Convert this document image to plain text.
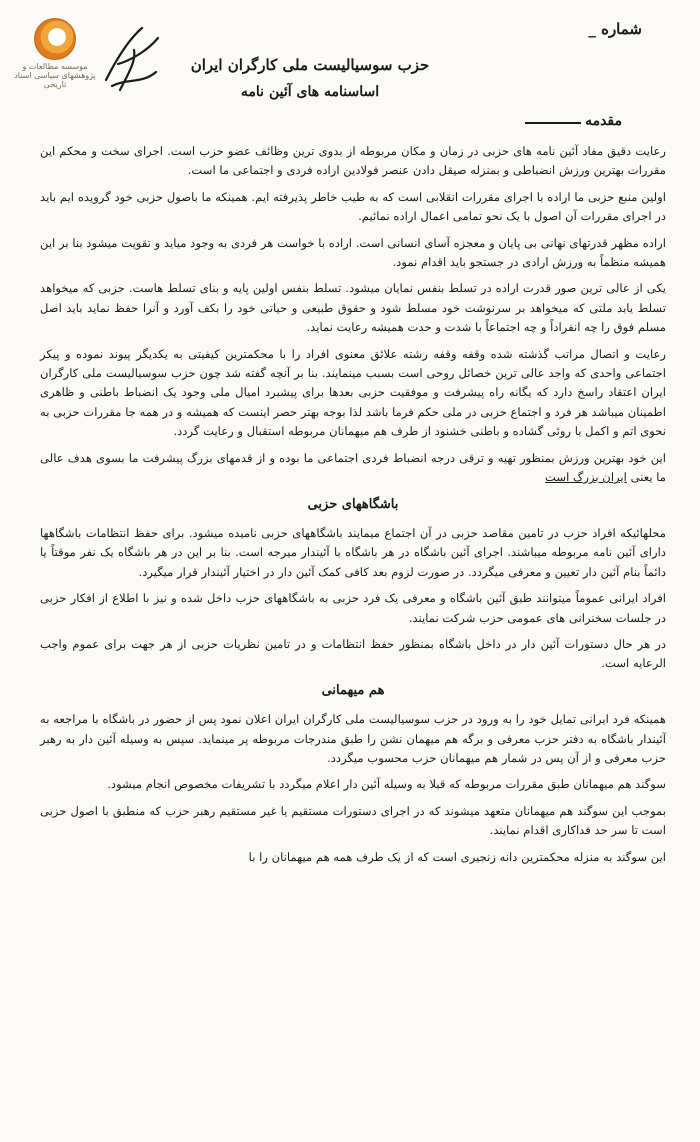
موسسه مطالعات و پژوهشهای سیاسی اسناد تاریخی
شماره _
حزب سوسیالیست ملی کارگران ایران
اساسنامه های آئین نامه
مقدمه

رعایت دقیق مفاد آئین نامه های حزبی در زمان و مکان مربوطه از بدوی ترین وظائف عضو حزب است. اجرای سخت و محکم این مقررات بهترین ورزش انضباطی و بمنزله صیقل دادن عنصر فولادین اراده فردی و اجتماعی ما است.

اولین منبع حزبی ما اراده با اجرای مقررات انقلابی است که به طیب خاطر پذیرفته ایم. همینکه ما باصول حزبی خود گرویده ایم باید در اجرای مقررات آن اصول با یک نحو تمامی اعمال اراده نمائیم.

اراده مظهر قدرتهای نهانی بی پایان و معجزه آسای انسانی است. اراده با خواست هر فردی به وجود میاید و تقویت میشود بنا بر این همیشه منظماً به ورزش ارادی در جستجو باید اقدام نمود.

یکی از عالی ترین صور قدرت اراده در تسلط بنفس نمایان میشود. تسلط بنفس اولین پایه و بنای تسلط هاست. حزبی که میخواهد تسلط یابد ملتی که میخواهد بر سرنوشت خود مسلط شود و حقوق طبیعی و حیاتی خود را بکف آورد و آنرا حفظ نماید باید اصل مسلم فوق را چه انفراداً و چه اجتماعاً با شدت و حدت همیشه رعایت نماید.

رعایت و اتصال مراتب گذشته شده وقفه وقفه رشته علائق معنوی افراد را با محکمترین کیفیتی به یکدیگر پیوند نموده و پیکر اجتماعی واحدی که واجد عالی ترین خصائل روحی است بسبب مینمایند. بنا بر آنچه گفته شد چون حزب سوسیالیست ملی کارگران ایران اعتقاد راسخ دارد که یگانه راه پیشرفت و موفقیت حزبی بعدها برای پیشبرد امیال ملی وجود یک انضباط باطنی و ظاهری اطمینان میباشد هر فرد و اجتماع حزبی در ملی حکم فرما باشد لذا بوجه بهتر حصر اینست که همیشه و در همه جا مقررات حزبی به نحوی اتم و اکمل با روئی گشاده و باطنی خشنود از طرف هم میهمانان مربوطه استقبال و رعایت گردد.

این خود بهترین ورزش بمنظور تهیه و ترقی درجه انضباط فردی اجتماعی ما بوده و از قدمهای بزرگ پیشرفت ما بسوی هدف عالی ما یعنی ایران بزرگ است

باشگاههای حزبی

محلهائیکه افراد حزب در تامین مقاصد حزبی در آن اجتماع میمایند باشگاههای حزبی نامیده میشود. برای حفظ انتظامات باشگاهها دارای آئین نامه مربوطه میباشند. اجرای آئین باشگاه در هر باشگاه با آئیندار میرجه است. بنا بر این در هر باشگاه یک نفر موقتاً یا دائماً بنام آئین دار تعیین و معرفی میگردد. در صورت لزوم بعد کافی کمک آئین دار در اختیار آئیندار قرار میگیرد.

افراد ایرانی عموماً میتوانند طبق آئین باشگاه و معرفی یک فرد حزبی به باشگاههای حزب داخل شده و نیز با اطلاع از افکار حزبی در جلسات سخنرانی های عمومی حزب شرکت نمایند.

در هر حال دستورات آئین دار در داخل باشگاه بمنظور حفظ انتظامات و در تامین نظریات حزبی از هر جهت برای عموم واجب الرعایه است.

هم میهمانی

همینکه فرد ایرانی تمایل خود را به ورود در حزب سوسیالیست ملی کارگران ایران اعلان نمود پس از حضور در باشگاه با مراجعه به آئیندار باشگاه به دفتر حزب معرفی و برگه هم میهمان نشن را طبق مندرجات مربوطه پر مینماید. سپس به وسیله آئین دار به رهبر حزب معرفی و از آن پس در شمار هم میهمانان حزب محسوب میگردد.

سوگند هم میهمانان طبق مقررات مربوطه که قبلا به وسیله آئین دار اعلام میگردد با تشریفات مخصوص انجام میشود.

بموجب این سوگند هم میهمانان متعهد میشوند که در اجرای دستورات مستقیم یا غیر مستقیم رهبر حزب که منطبق با اصول حزبی است تا سر حد فداکاری اقدام نمایند.

این سوگند به منزله محکمترین دانه زنجیری است که از یک طرف همه هم میهمانان را با
